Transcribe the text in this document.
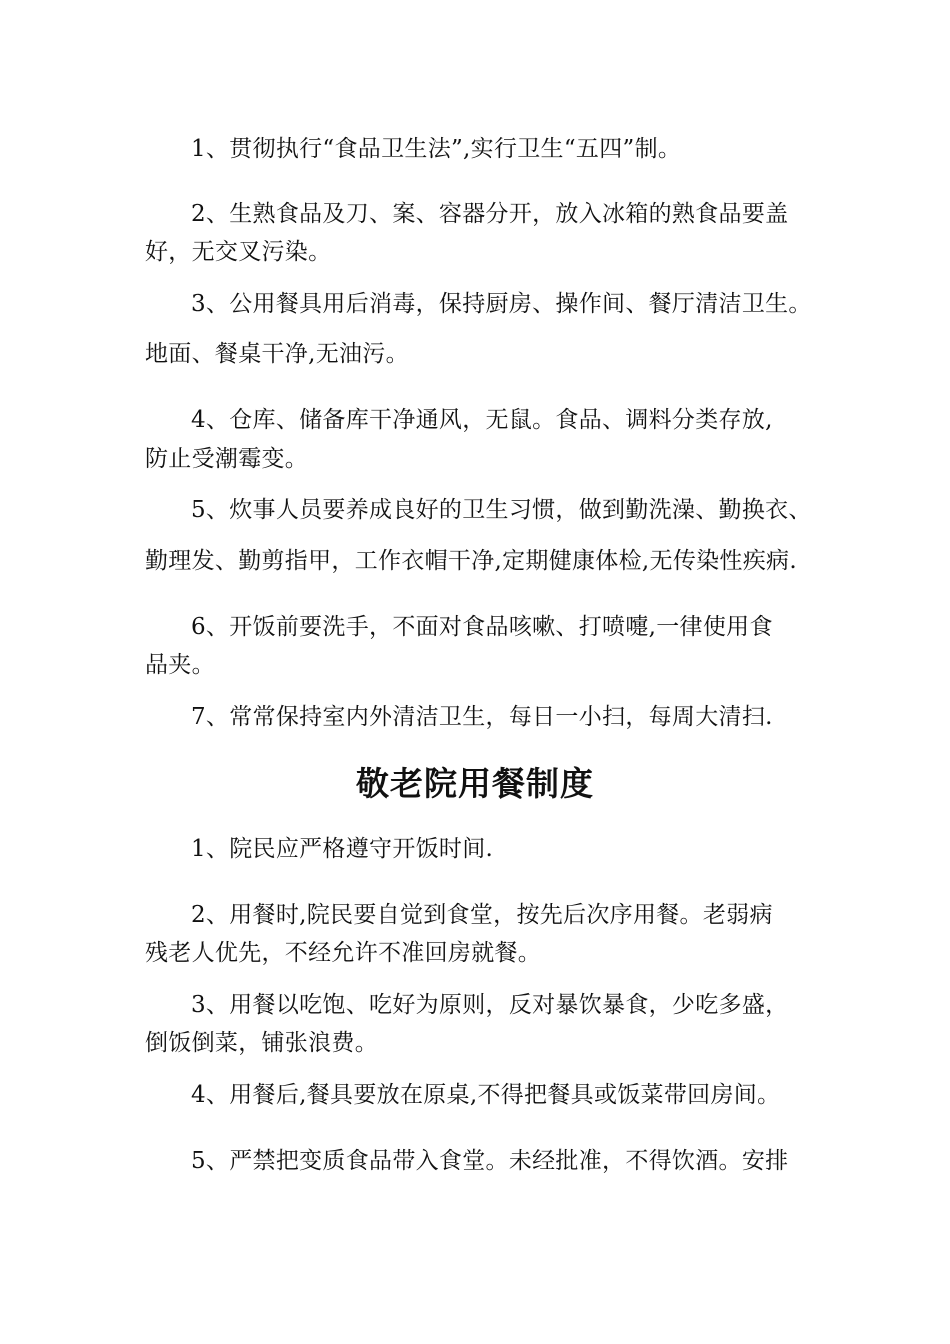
1、贯彻执行“食品卫生法”,实行卫生“五四”制。
2、生熟食品及刀、案、容器分开，放入冰箱的熟食品要盖
好，无交叉污染。
3、公用餐具用后消毒，保持厨房、操作间、餐厅清洁卫生。
地面、餐桌干净,无油污。
4、仓库、储备库干净通风，无鼠。食品、调料分类存放,
防止受潮霉变。
5、炊事人员要养成良好的卫生习惯，做到勤洗澡、勤换衣、
勤理发、勤剪指甲，工作衣帽干净,定期健康体检,无传染性疾病.
6、开饭前要洗手，不面对食品咳嗽、打喷嚏,一律使用食
品夹。
7、常常保持室内外清洁卫生，每日一小扫，每周大清扫.
敬老院用餐制度
1、院民应严格遵守开饭时间.
2、用餐时,院民要自觉到食堂，按先后次序用餐。老弱病
残老人优先，不经允许不准回房就餐。
3、用餐以吃饱、吃好为原则，反对暴饮暴食，少吃多盛，
倒饭倒菜，铺张浪费。
4、用餐后,餐具要放在原桌,不得把餐具或饭菜带回房间。
5、严禁把变质食品带入食堂。未经批准，不得饮酒。安排
